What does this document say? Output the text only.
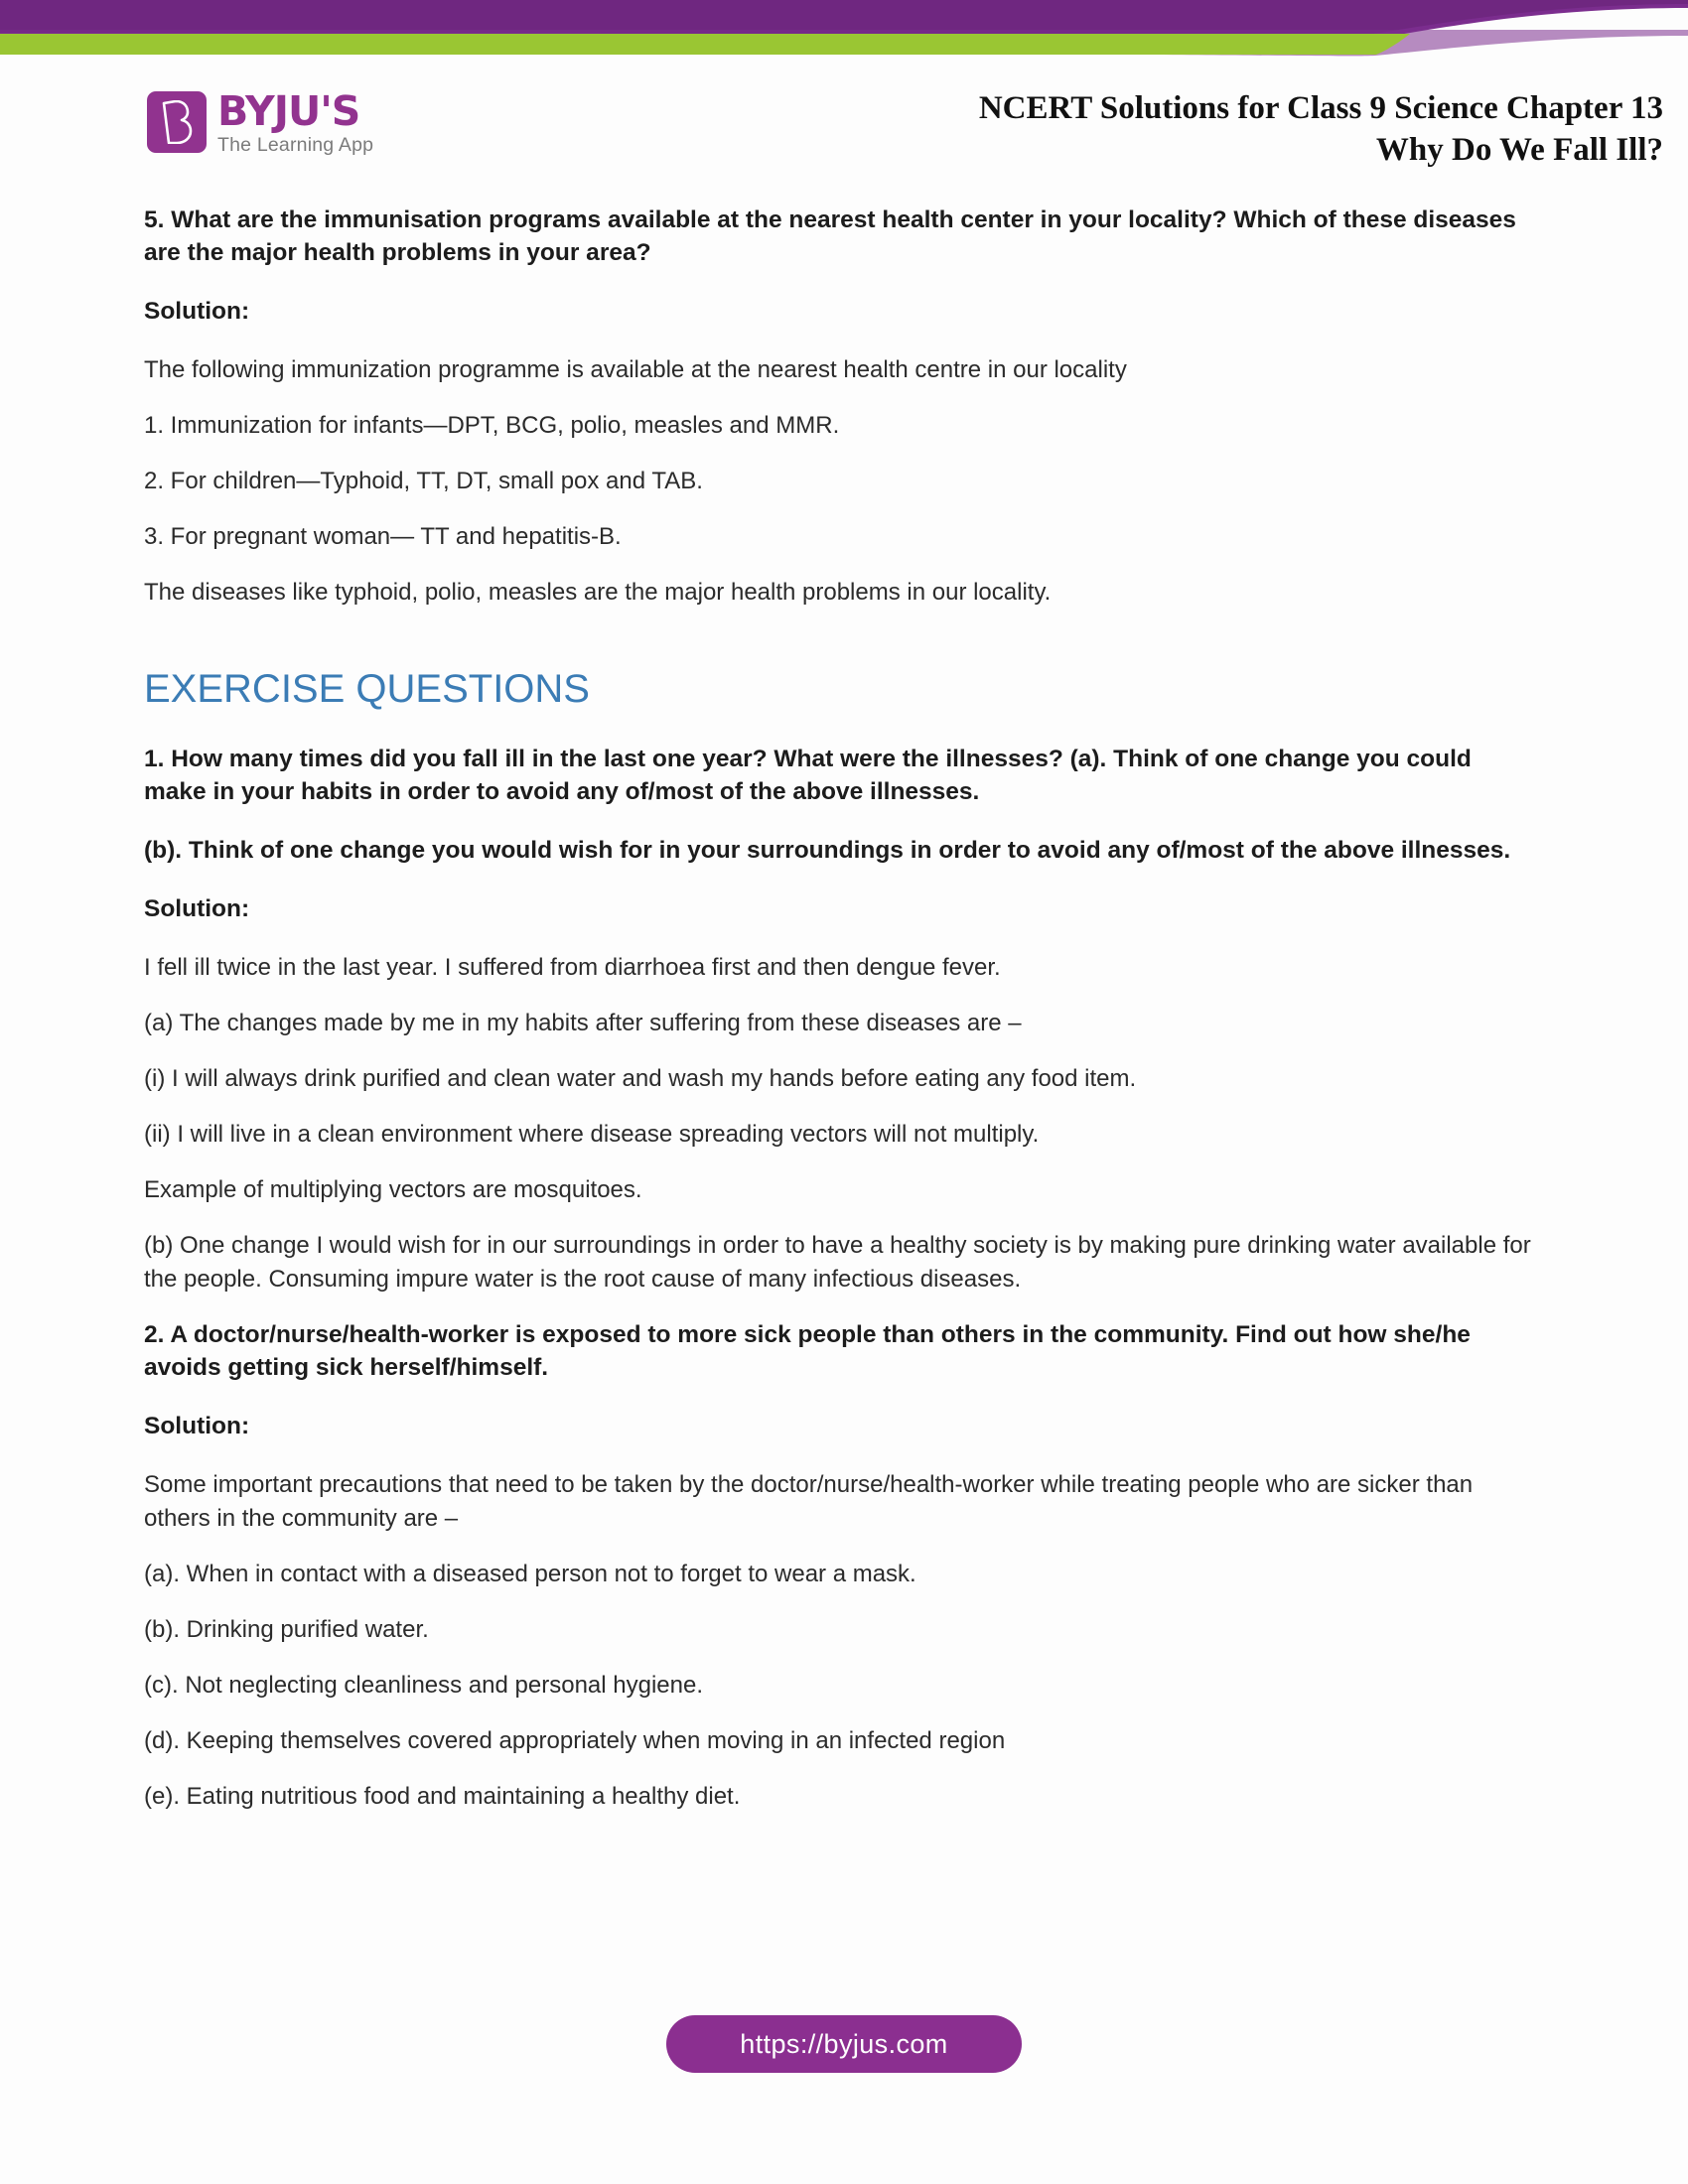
BYJU'S
The Learning App
NCERT Solutions for Class 9 Science Chapter 13
Why Do We Fall Ill?

5. What are the immunisation programs available at the nearest health center in your locality? Which of these diseases are the major health problems in your area?

Solution:

The following immunization programme is available at the nearest health centre in our locality

1. Immunization for infants—DPT, BCG, polio, measles and MMR.

2. For children—Typhoid, TT, DT, small pox and TAB.

3. For pregnant woman— TT and hepatitis-B.

The diseases like typhoid, polio, measles are the major health problems in our locality.

EXERCISE QUESTIONS

1. How many times did you fall ill in the last one year? What were the illnesses? (a). Think of one change you could make in your habits in order to avoid any of/most of the above illnesses.

(b). Think of one change you would wish for in your surroundings in order to avoid any of/most of the above illnesses.

Solution:

I fell ill twice in the last year. I suffered from diarrhoea first and then dengue fever.

(a) The changes made by me in my habits after suffering from these diseases are –

(i) I will always drink purified and clean water and wash my hands before eating any food item.

(ii) I will live in a clean environment where disease spreading vectors will not multiply.

Example of multiplying vectors are mosquitoes.

(b) One change I would wish for in our surroundings in order to have a healthy society is by making pure drinking water available for the people. Consuming impure water is the root cause of many infectious diseases.

2. A doctor/nurse/health-worker is exposed to more sick people than others in the community. Find out how she/he avoids getting sick herself/himself.

Solution:

Some important precautions that need to be taken by the doctor/nurse/health-worker while treating people who are sicker than others in the community are –

(a). When in contact with a diseased person not to forget to wear a mask.

(b). Drinking purified water.

(c). Not neglecting cleanliness and personal hygiene.

(d). Keeping themselves covered appropriately when moving in an infected region

(e). Eating nutritious food and maintaining a healthy diet.

https://byjus.com
